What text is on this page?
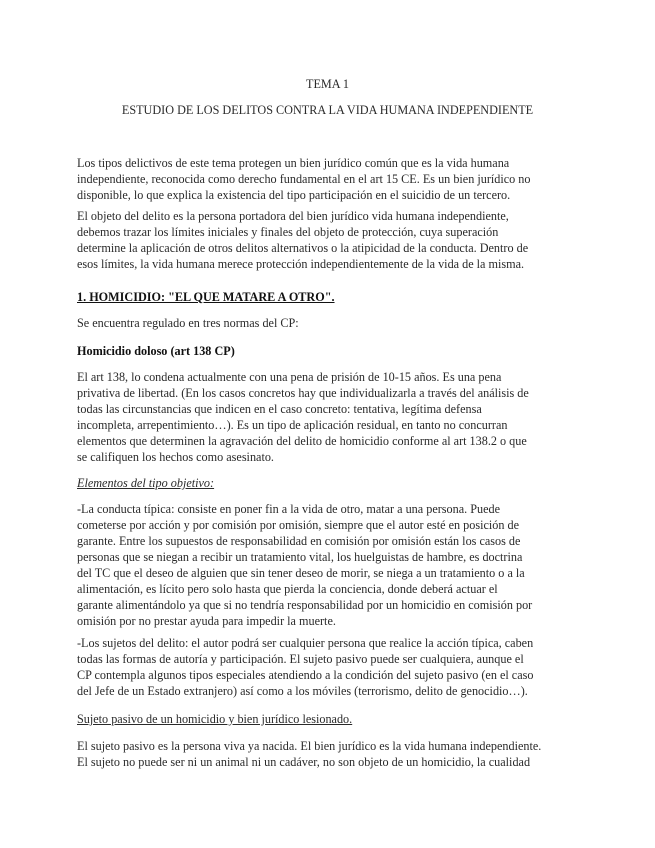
TEMA 1
ESTUDIO DE LOS DELITOS CONTRA LA VIDA HUMANA INDEPENDIENTE
Los tipos delictivos de este tema protegen un bien jurídico común que es la vida humana
independiente, reconocida como derecho fundamental en el art 15 CE. Es un bien jurídico no
disponible, lo que explica la existencia del tipo participación en el suicidio de un tercero.
El objeto del delito es la persona portadora del bien jurídico vida humana independiente,
debemos trazar los límites iniciales y finales del objeto de protección, cuya superación
determine la aplicación de otros delitos alternativos o la atipicidad de la conducta. Dentro de
esos límites, la vida humana merece protección independientemente de la vida de la misma.
1. HOMICIDIO: "EL QUE MATARE A OTRO".
Se encuentra regulado en tres normas del CP:
Homicidio doloso (art 138 CP)
El art 138, lo condena actualmente con una pena de prisión de 10-15 años. Es una pena
privativa de libertad. (En los casos concretos hay que individualizarla a través del análisis de
todas las circunstancias que indicen en el caso concreto: tentativa, legítima defensa
incompleta, arrepentimiento…). Es un tipo de aplicación residual, en tanto no concurran
elementos que determinen la agravación del delito de homicidio conforme al art 138.2 o que
se califiquen los hechos como asesinato.
Elementos del tipo objetivo:
-La conducta típica: consiste en poner fin a la vida de otro, matar a una persona. Puede
cometerse por acción y por comisión por omisión, siempre que el autor esté en posición de
garante. Entre los supuestos de responsabilidad en comisión por omisión están los casos de
personas que se niegan a recibir un tratamiento vital, los huelguistas de hambre, es doctrina
del TC que el deseo de alguien que sin tener deseo de morir, se niega a un tratamiento o a la
alimentación, es lícito pero solo hasta que pierda la conciencia, donde deberá actuar el
garante alimentándolo ya que si no tendría responsabilidad por un homicidio en comisión por
omisión por no prestar ayuda para impedir la muerte.
-Los sujetos del delito: el autor podrá ser cualquier persona que realice la acción típica, caben
todas las formas de autoría y participación. El sujeto pasivo puede ser cualquiera, aunque el
CP contempla algunos tipos especiales atendiendo a la condición del sujeto pasivo (en el caso
del Jefe de un Estado extranjero) así como a los móviles (terrorismo, delito de genocidio…).
Sujeto pasivo de un homicidio y bien jurídico lesionado.
El sujeto pasivo es la persona viva ya nacida. El bien jurídico es la vida humana independiente.
El sujeto no puede ser ni un animal ni un cadáver, no son objeto de un homicidio, la cualidad
